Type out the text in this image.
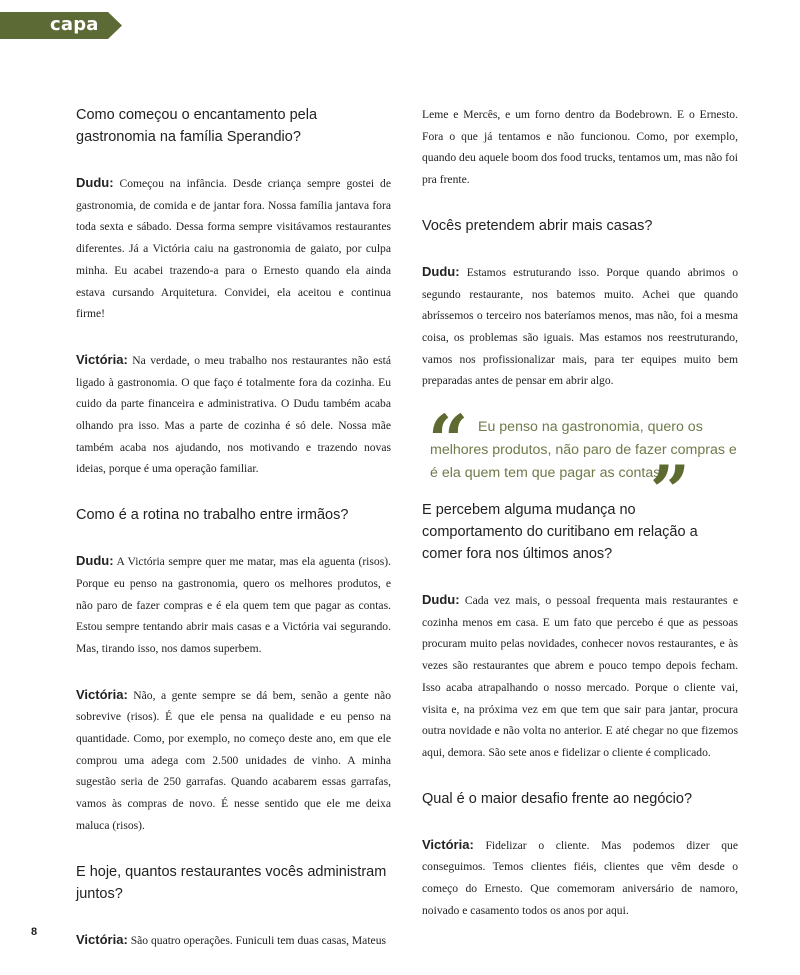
capa

Como começou o encantamento pela gastronomia na família Sperandio?

Dudu: Começou na infância. Desde criança sempre gostei de gastronomia, de comida e de jantar fora. Nossa família jantava fora toda sexta e sábado. Dessa forma sempre visitávamos restaurantes diferentes. Já a Victória caiu na gastronomia de gaiato, por culpa minha. Eu acabei trazendo-a para o Ernesto quando ela ainda estava cursando Arquitetura. Convidei, ela aceitou e continua firme!

Victória: Na verdade, o meu trabalho nos restaurantes não está ligado à gastronomia. O que faço é totalmente fora da cozinha. Eu cuido da parte financeira e administrativa. O Dudu também acaba olhando pra isso. Mas a parte de cozinha é só dele. Nossa mãe também acaba nos ajudando, nos motivando e trazendo novas ideias, porque é uma operação familiar.

Como é a rotina no trabalho entre irmãos?

Dudu: A Victória sempre quer me matar, mas ela aguenta (risos). Porque eu penso na gastronomia, quero os melhores produtos, e não paro de fazer compras e é ela quem tem que pagar as contas. Estou sempre tentando abrir mais casas e a Victória vai segurando. Mas, tirando isso, nos damos superbem.

Victória: Não, a gente sempre se dá bem, senão a gente não sobrevive (risos). É que ele pensa na qualidade e eu penso na quantidade. Como, por exemplo, no começo deste ano, em que ele comprou uma adega com 2.500 unidades de vinho. A minha sugestão seria de 250 garrafas. Quando acabarem essas garrafas, vamos às compras de novo. É nesse sentido que ele me deixa maluca (risos).

E hoje, quantos restaurantes vocês administram juntos?

Victória: São quatro operações. Funiculi tem duas casas, Mateus

Leme e Mercês, e um forno dentro da Bodebrown. E o Ernesto. Fora o que já tentamos e não funcionou. Como, por exemplo, quando deu aquele boom dos food trucks, tentamos um, mas não foi pra frente.

Vocês pretendem abrir mais casas?

Dudu: Estamos estruturando isso. Porque quando abrimos o segundo restaurante, nos batemos muito. Achei que quando abríssemos o terceiro nos bateríamos menos, mas não, foi a mesma coisa, os problemas são iguais. Mas estamos nos reestruturando, vamos nos profissionalizar mais, para ter equipes muito bem preparadas antes de pensar em abrir algo.

“ Eu penso na gastronomia, quero os melhores produtos, não paro de fazer compras e é ela quem tem que pagar as contas.
”

E percebem alguma mudança no comportamento do curitibano em relação a comer fora nos últimos anos?

Dudu: Cada vez mais, o pessoal frequenta mais restaurantes e cozinha menos em casa. E um fato que percebo é que as pessoas procuram muito pelas novidades, conhecer novos restaurantes, e às vezes são restaurantes que abrem e pouco tempo depois fecham. Isso acaba atrapalhando o nosso mercado. Porque o cliente vai, visita e, na próxima vez em que tem que sair para jantar, procura outra novidade e não volta no anterior. E até chegar no que fizemos aqui, demora. São sete anos e fidelizar o cliente é complicado.

Qual é o maior desafio frente ao negócio?

Victória: Fidelizar o cliente. Mas podemos dizer que conseguimos. Temos clientes fiéis, clientes que vêm desde o começo do Ernesto. Que comemoram aniversário de namoro, noivado e casamento todos os anos por aqui.

8
